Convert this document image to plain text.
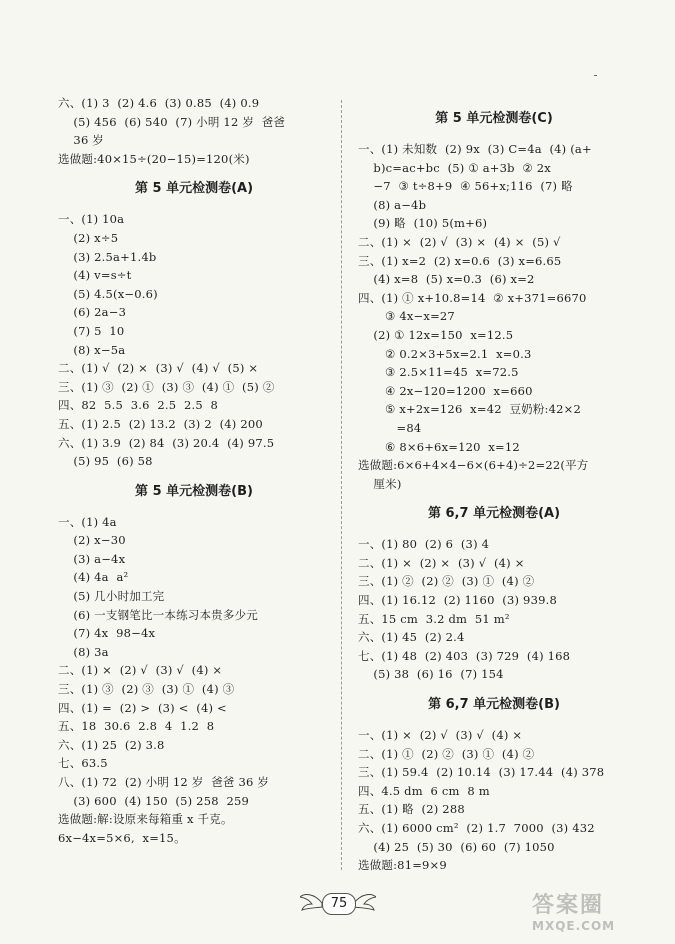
六、(1) 3  (2) 4.6  (3) 0.85  (4) 0.9
(5) 456  (6) 540  (7) 小明 12 岁  爸爸
36 岁
选做题:40×15÷(20−15)=120(米)
第 5 单元检测卷(A)
一、(1) 10a
(2) x÷5
(3) 2.5a+1.4b
(4) v=s÷t
(5) 4.5(x−0.6)
(6) 2a−3
(7) 5  10
(8) x−5a
二、(1) √  (2) ×  (3) √  (4) √  (5) ×
三、(1) ③  (2) ①  (3) ③  (4) ①  (5) ②
四、82  5.5  3.6  2.5  2.5  8
五、(1) 2.5  (2) 13.2  (3) 2  (4) 200
六、(1) 3.9  (2) 84  (3) 20.4  (4) 97.5
(5) 95  (6) 58
第 5 单元检测卷(B)
一、(1) 4a
(2) x−30
(3) a−4x
(4) 4a  a²
(5) 几小时加工完
(6) 一支钢笔比一本练习本贵多少元
(7) 4x  98−4x
(8) 3a
二、(1) ×  (2) √  (3) √  (4) ×
三、(1) ③  (2) ③  (3) ①  (4) ③
四、(1) =  (2) >  (3) <  (4) <
五、18  30.6  2.8  4  1.2  8
六、(1) 25  (2) 3.8
七、63.5
八、(1) 72  (2) 小明 12 岁  爸爸 36 岁
(3) 600  (4) 150  (5) 258  259
选做题:解:设原来每箱重 x 千克。
6x−4x=5×6,  x=15。
第 5 单元检测卷(C)
一、(1) 未知数  (2) 9x  (3) C=4a  (4) (a+
b)c=ac+bc  (5) ① a+3b  ② 2x
−7  ③ t÷8+9  ④ 56+x;116  (7) 略
(8) a−4b
(9) 略  (10) 5(m+6)
二、(1) ×  (2) √  (3) ×  (4) ×  (5) √
三、(1) x=2  (2) x=0.6  (3) x=6.65
(4) x=8  (5) x=0.3  (6) x=2
四、(1) ① x+10.8=14  ② x+371=6670
③ 4x−x=27
(2) ① 12x=150  x=12.5
② 0.2×3+5x=2.1  x=0.3
③ 2.5×11=45  x=72.5
④ 2x−120=1200  x=660
⑤ x+2x=126  x=42  豆奶粉:42×2
=84
⑥ 8×6+6x=120  x=12
选做题:6×6+4×4−6×(6+4)÷2=22(平方
厘米)
第 6,7 单元检测卷(A)
一、(1) 80  (2) 6  (3) 4
二、(1) ×  (2) ×  (3) √  (4) ×
三、(1) ②  (2) ②  (3) ①  (4) ②
四、(1) 16.12  (2) 1160  (3) 939.8
五、15 cm  3.2 dm  51 m²
六、(1) 45  (2) 2.4
七、(1) 48  (2) 403  (3) 729  (4) 168
(5) 38  (6) 16  (7) 154
第 6,7 单元检测卷(B)
一、(1) ×  (2) √  (3) √  (4) ×
二、(1) ①  (2) ②  (3) ①  (4) ②
三、(1) 59.4  (2) 10.14  (3) 17.44  (4) 378
四、4.5 dm  6 cm  8 m
五、(1) 略  (2) 288
六、(1) 6000 cm²  (2) 1.7  7000  (3) 432
(4) 25  (5) 30  (6) 60  (7) 1050
选做题:81=9×9
75	答案圈
MXQE.COM
